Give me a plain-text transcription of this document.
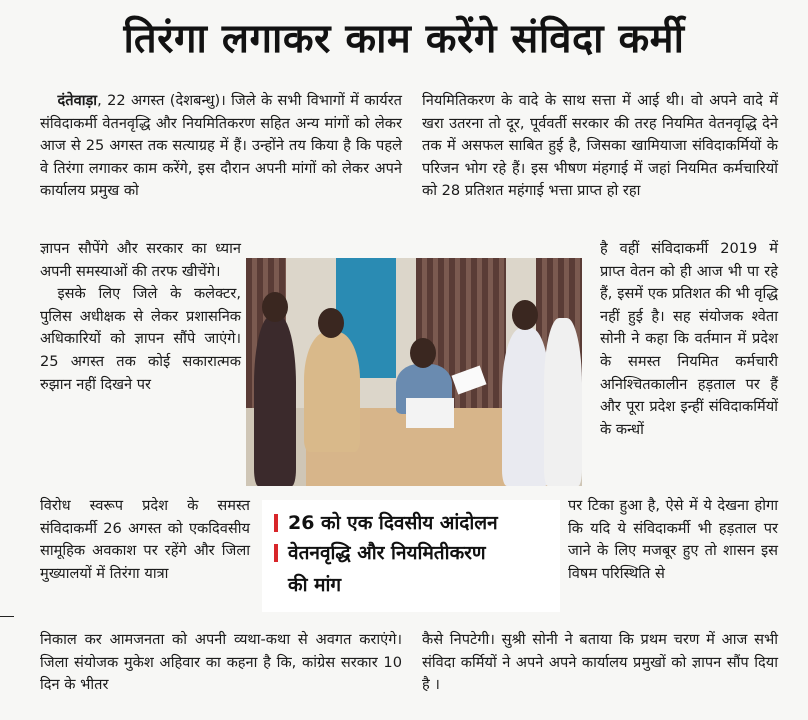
तिरंगा लगाकर काम करेंगे संविदा कर्मी

दंतेवाड़ा, 22 अगस्त (देशबन्धु)। जिले के सभी विभागों में कार्यरत संविदाकर्मी वेतनवृद्धि और नियमितिकरण सहित अन्य मांगों को लेकर आज से 25 अगस्त तक सत्याग्रह में हैं। उन्होंने तय किया है कि पहले वे तिरंगा लगाकर काम करेंगे, इस दौरान अपनी मांगों को लेकर अपने कार्यालय प्रमुख को

नियमितिकरण के वादे के साथ सत्ता में आई थी। वो अपने वादे में खरा उतरना तो दूर, पूर्ववर्ती सरकार की तरह नियमित वेतनवृद्धि देने तक में असफल साबित हुई है, जिसका खामियाजा संविदाकर्मियों के परिजन भोग रहे हैं। इस भीषण मंहगाई में जहां नियमित कर्मचारियों को 28 प्रतिशत महंगाई भत्ता प्राप्त हो रहा

ज्ञापन सौपेंगे और सरकार का ध्यान अपनी समस्याओं की तरफ खीचेंगे।

इसके लिए जिले के कलेक्टर, पुलिस अधीक्षक से लेकर प्रशासनिक अधिकारियों को ज्ञापन सौंपे जाएंगे। 25 अगस्त तक कोई सकारात्मक रुझान नहीं दिखने पर

है वहीं संविदाकर्मी 2019 में प्राप्त वेतन को ही आज भी पा रहे हैं, इसमें एक प्रतिशत की भी वृद्धि नहीं हुई है। सह संयोजक श्वेता सोनी ने कहा कि वर्तमान में प्रदेश के समस्त नियमित कर्मचारी अनिश्चितकालीन हड़ताल पर हैं और पूरा प्रदेश इन्हीं संविदाकर्मियों के कन्धों

विरोध स्वरूप प्रदेश के समस्त संविदाकर्मी 26 अगस्त को एकदिवसीय सामूहिक अवकाश पर रहेंगे और जिला मुख्यालयों में तिरंगा यात्रा

26 को एक दिवसीय आंदोलन
वेतनवृद्धि और नियमितीकरण
की मांग

पर टिका हुआ है, ऐसे में ये देखना होगा कि यदि ये संविदाकर्मी भी हड़ताल पर जाने के लिए मजबूर हुए तो शासन इस विषम परिस्थिति से

निकाल कर आमजनता को अपनी व्यथा-कथा से अवगत कराएंगे। जिला संयोजक मुकेश अहिवार का कहना है कि, कांग्रेस सरकार 10 दिन के भीतर

कैसे निपटेगी। सुश्री सोनी ने बताया कि प्रथम चरण में आज सभी संविदा कर्मियों ने अपने अपने कार्यालय प्रमुखों को ज्ञापन सौंप दिया है ।
